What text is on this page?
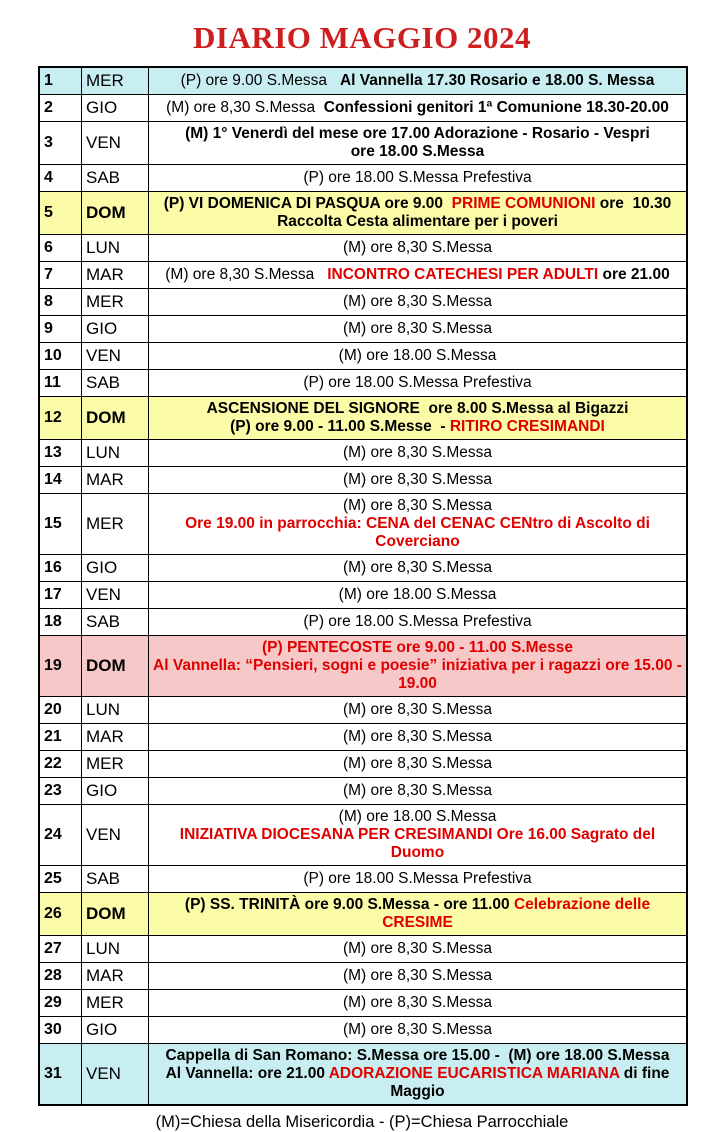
DIARIO MAGGIO 2024
1	MER	(P) ore 9.00 S.Messa   Al Vannella 17.30 Rosario e 18.00 S. Messa

2	GIO	(M) ore 8,30 S.Messa  Confessioni genitori 1ª Comunione 18.30-20.00

3	VEN	(M) 1° Venerdì del mese ore 17.00 Adorazione - Rosario - Vespri
ore 18.00 S.Messa

4	SAB	(P) ore 18.00 S.Messa Prefestiva

5	DOM	(P) VI DOMENICA DI PASQUA ore 9.00  PRIME COMUNIONI ore  10.30
Raccolta Cesta alimentare per i poveri

6	LUN	(M) ore 8,30 S.Messa

7	MAR	(M) ore 8,30 S.Messa   INCONTRO CATECHESI PER ADULTI ore 21.00

8	MER	(M) ore 8,30 S.Messa

9	GIO	(M) ore 8,30 S.Messa

10	VEN	(M) ore 18.00 S.Messa

11	SAB	(P) ore 18.00 S.Messa Prefestiva

12	DOM	ASCENSIONE DEL SIGNORE  ore 8.00 S.Messa al Bigazzi
(P) ore 9.00 - 11.00 S.Messe  - RITIRO CRESIMANDI

13	LUN	(M) ore 8,30 S.Messa

14	MAR	(M) ore 8,30 S.Messa

15	MER	(M) ore 8,30 S.Messa
Ore 19.00 in parrocchia: CENA del CENAC CENtro di Ascolto di Coverciano

16	GIO	(M) ore 8,30 S.Messa

17	VEN	(M) ore 18.00 S.Messa

18	SAB	(P) ore 18.00 S.Messa Prefestiva

19	DOM	(P) PENTECOSTE ore 9.00 - 11.00 S.Messe
Al Vannella: “Pensieri, sogni e poesie” iniziativa per i ragazzi ore 15.00 - 19.00

20	LUN	(M) ore 8,30 S.Messa

21	MAR	(M) ore 8,30 S.Messa

22	MER	(M) ore 8,30 S.Messa

23	GIO	(M) ore 8,30 S.Messa

24	VEN	(M) ore 18.00 S.Messa
INIZIATIVA DIOCESANA PER CRESIMANDI Ore 16.00 Sagrato del Duomo

25	SAB	(P) ore 18.00 S.Messa Prefestiva

26	DOM	(P) SS. TRINITÀ ore 9.00 S.Messa - ore 11.00 Celebrazione delle CRESIME

27	LUN	(M) ore 8,30 S.Messa

28	MAR	(M) ore 8,30 S.Messa

29	MER	(M) ore 8,30 S.Messa

30	GIO	(M) ore 8,30 S.Messa

31	VEN	Cappella di San Romano: S.Messa ore 15.00 -  (M) ore 18.00 S.Messa
Al Vannella: ore 21.00 ADORAZIONE EUCARISTICA MARIANA di fine Maggio
(M)=Chiesa della Misericordia - (P)=Chiesa Parrocchiale
